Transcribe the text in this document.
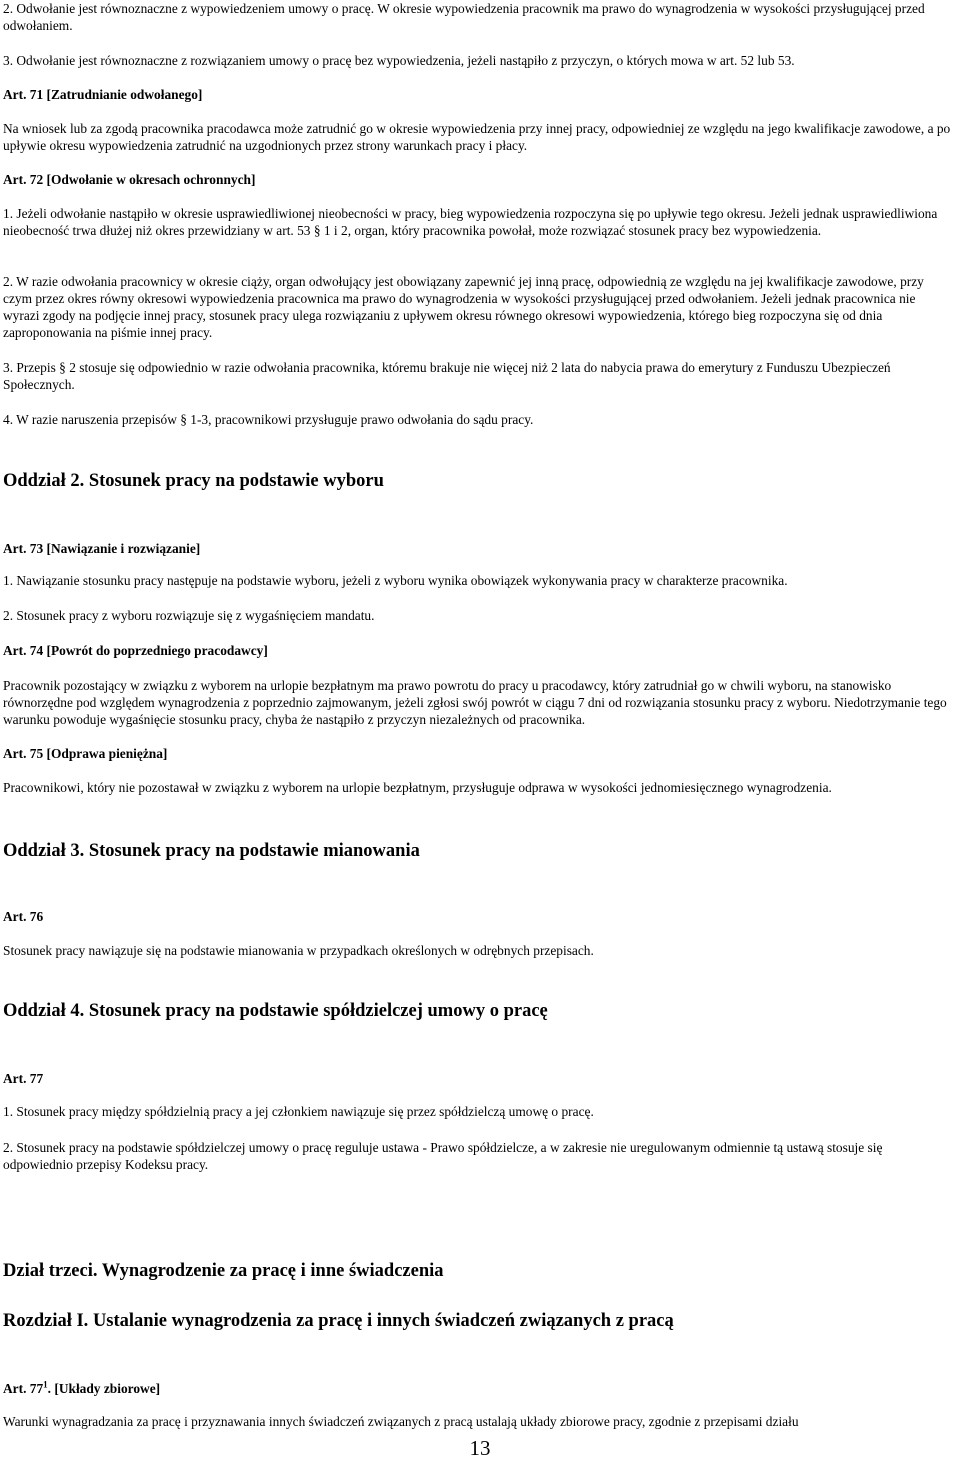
2. Odwołanie jest równoznaczne z wypowiedzeniem umowy o pracę. W okresie wypowiedzenia pracownik ma prawo do wynagrodzenia w wysokości przysługującej przed odwołaniem.

3. Odwołanie jest równoznaczne z rozwiązaniem umowy o pracę bez wypowiedzenia, jeżeli nastąpiło z przyczyn, o których mowa w art. 52 lub 53.

Art. 71 [Zatrudnianie odwołanego]

Na wniosek lub za zgodą pracownika pracodawca może zatrudnić go w okresie wypowiedzenia przy innej pracy, odpowiedniej ze względu na jego kwalifikacje zawodowe, a po upływie okresu wypowiedzenia zatrudnić na uzgodnionych przez strony warunkach pracy i płacy.

Art. 72 [Odwołanie w okresach ochronnych]

1. Jeżeli odwołanie nastąpiło w okresie usprawiedliwionej nieobecności w pracy, bieg wypowiedzenia rozpoczyna się po upływie tego okresu. Jeżeli jednak usprawiedliwiona nieobecność trwa dłużej niż okres przewidziany w art. 53 § 1 i 2, organ, który pracownika powołał, może rozwiązać stosunek pracy bez wypowiedzenia.

2. W razie odwołania pracownicy w okresie ciąży, organ odwołujący jest obowiązany zapewnić jej inną pracę, odpowiednią ze względu na jej kwalifikacje zawodowe, przy czym przez okres równy okresowi wypowiedzenia pracownica ma prawo do wynagrodzenia w wysokości przysługującej przed odwołaniem. Jeżeli jednak pracownica nie wyrazi zgody na podjęcie innej pracy, stosunek pracy ulega rozwiązaniu z upływem okresu równego okresowi wypowiedzenia, którego bieg rozpoczyna się od dnia zaproponowania na piśmie innej pracy.

3. Przepis § 2 stosuje się odpowiednio w razie odwołania pracownika, któremu brakuje nie więcej niż 2 lata do nabycia prawa do emerytury z Funduszu Ubezpieczeń Społecznych.

4. W razie naruszenia przepisów § 1-3, pracownikowi przysługuje prawo odwołania do sądu pracy.

Oddział 2. Stosunek pracy na podstawie wyboru

Art. 73 [Nawiązanie i rozwiązanie]

1. Nawiązanie stosunku pracy następuje na podstawie wyboru, jeżeli z wyboru wynika obowiązek wykonywania pracy w charakterze pracownika.

2. Stosunek pracy z wyboru rozwiązuje się z wygaśnięciem mandatu.

Art. 74 [Powrót do poprzedniego pracodawcy]

Pracownik pozostający w związku z wyborem na urlopie bezpłatnym ma prawo powrotu do pracy u pracodawcy, który zatrudniał go w chwili wyboru, na stanowisko równorzędne pod względem wynagrodzenia z poprzednio zajmowanym, jeżeli zgłosi swój powrót w ciągu 7 dni od rozwiązania stosunku pracy z wyboru. Niedotrzymanie tego warunku powoduje wygaśnięcie stosunku pracy, chyba że nastąpiło z przyczyn niezależnych od pracownika.

Art. 75 [Odprawa pieniężna]

Pracownikowi, który nie pozostawał w związku z wyborem na urlopie bezpłatnym, przysługuje odprawa w wysokości jednomiesięcznego wynagrodzenia.

Oddział 3. Stosunek pracy na podstawie mianowania

Art. 76

Stosunek pracy nawiązuje się na podstawie mianowania w przypadkach określonych w odrębnych przepisach.

Oddział 4. Stosunek pracy na podstawie spółdzielczej umowy o pracę

Art. 77

1. Stosunek pracy między spółdzielnią pracy a jej członkiem nawiązuje się przez spółdzielczą umowę o pracę.

2. Stosunek pracy na podstawie spółdzielczej umowy o pracę reguluje ustawa - Prawo spółdzielcze, a w zakresie nie uregulowanym odmiennie tą ustawą stosuje się odpowiednio przepisy Kodeksu pracy.

Dział trzeci. Wynagrodzenie za pracę i inne świadczenia

Rozdział I. Ustalanie wynagrodzenia za pracę i innych świadczeń związanych z pracą

Art. $77^1$. [Układy zbiorowe]

Warunki wynagradzania za pracę i przyznawania innych świadczeń związanych z pracą ustalają układy zbiorowe pracy, zgodnie z przepisami działu

13
